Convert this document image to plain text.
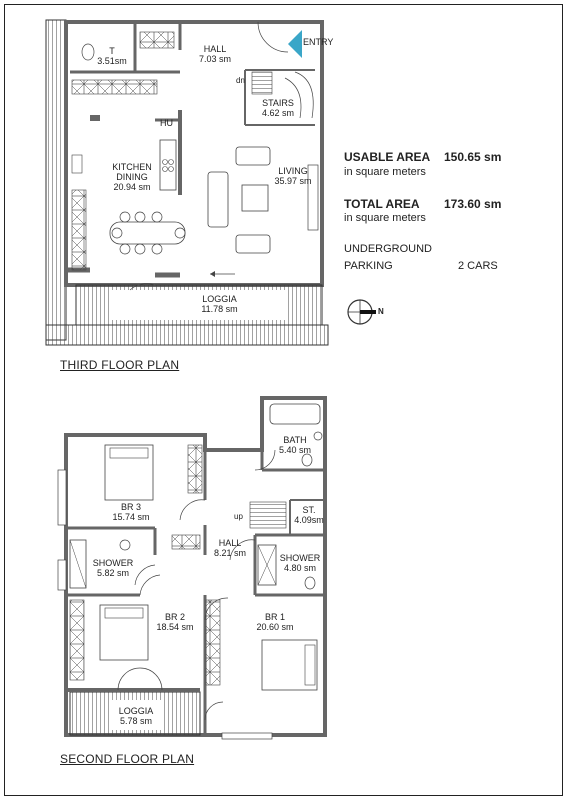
T
3.51sm
HALL
7.03 sm
ENTRY
dn
STAIRS
4.62 sm
HU
KITCHEN
DINING
20.94 sm
LIVING
35.97 sm
LOGGIA
11.78 sm
THIRD FLOOR PLAN
USABLE AREA 150.65 sm
in square meters
TOTAL AREA 173.60 sm
in square meters
UNDERGROUND
PARKING	2 CARS
N
BATH
5.40 sm
BR 3
15.74 sm	up
ST.
4.09sm
HALL
8.21 sm
SHOWER
5.82 sm
SHOWER
4.80 sm
BR 2
18.54 sm
BR 1
20.60 sm
LOGGIA
5.78 sm
SECOND FLOOR PLAN
